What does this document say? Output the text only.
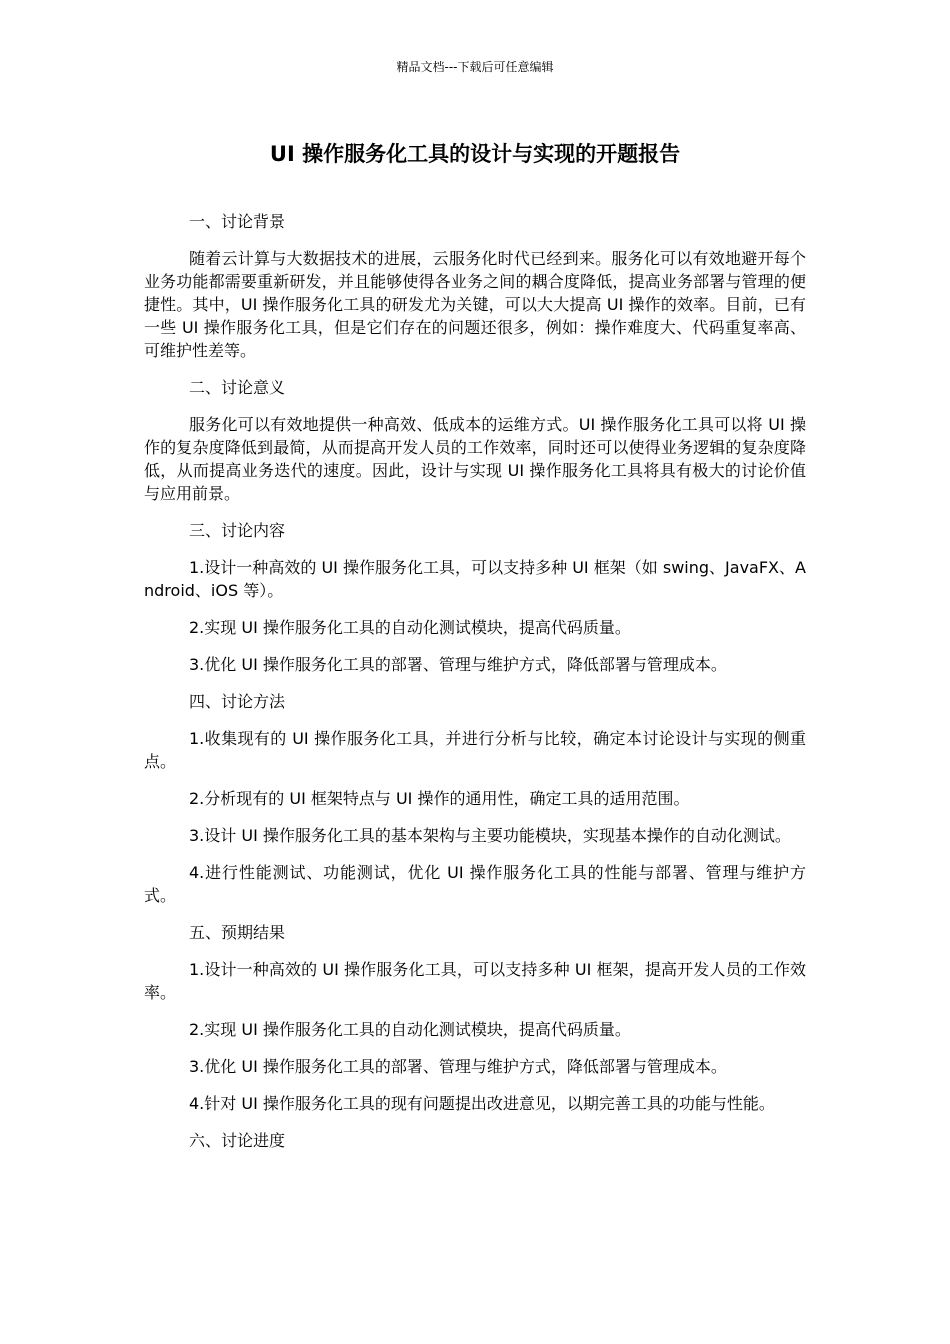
精品文档---下载后可任意编辑
UI 操作服务化工具的设计与实现的开题报告

一、讨论背景

随着云计算与大数据技术的进展，云服务化时代已经到来。服务化可以有效地避开每个业务功能都需要重新研发，并且能够使得各业务之间的耦合度降低，提高业务部署与管理的便捷性。其中，UI 操作服务化工具的研发尤为关键，可以大大提高 UI 操作的效率。目前，已有一些 UI 操作服务化工具，但是它们存在的问题还很多，例如：操作难度大、代码重复率高、可维护性差等。

二、讨论意义

服务化可以有效地提供一种高效、低成本的运维方式。UI 操作服务化工具可以将 UI 操作的复杂度降低到最简，从而提高开发人员的工作效率，同时还可以使得业务逻辑的复杂度降低，从而提高业务迭代的速度。因此，设计与实现 UI 操作服务化工具将具有极大的讨论价值与应用前景。

三、讨论内容

1.设计一种高效的 UI 操作服务化工具，可以支持多种 UI 框架（如 swing、JavaFX、Android、iOS 等）。

2.实现 UI 操作服务化工具的自动化测试模块，提高代码质量。

3.优化 UI 操作服务化工具的部署、管理与维护方式，降低部署与管理成本。

四、讨论方法

1.收集现有的 UI 操作服务化工具，并进行分析与比较，确定本讨论设计与实现的侧重点。

2.分析现有的 UI 框架特点与 UI 操作的通用性，确定工具的适用范围。

3.设计 UI 操作服务化工具的基本架构与主要功能模块，实现基本操作的自动化测试。

4.进行性能测试、功能测试，优化 UI 操作服务化工具的性能与部署、管理与维护方式。

五、预期结果

1.设计一种高效的 UI 操作服务化工具，可以支持多种 UI 框架，提高开发人员的工作效率。

2.实现 UI 操作服务化工具的自动化测试模块，提高代码质量。

3.优化 UI 操作服务化工具的部署、管理与维护方式，降低部署与管理成本。

4.针对 UI 操作服务化工具的现有问题提出改进意见，以期完善工具的功能与性能。

六、讨论进度
